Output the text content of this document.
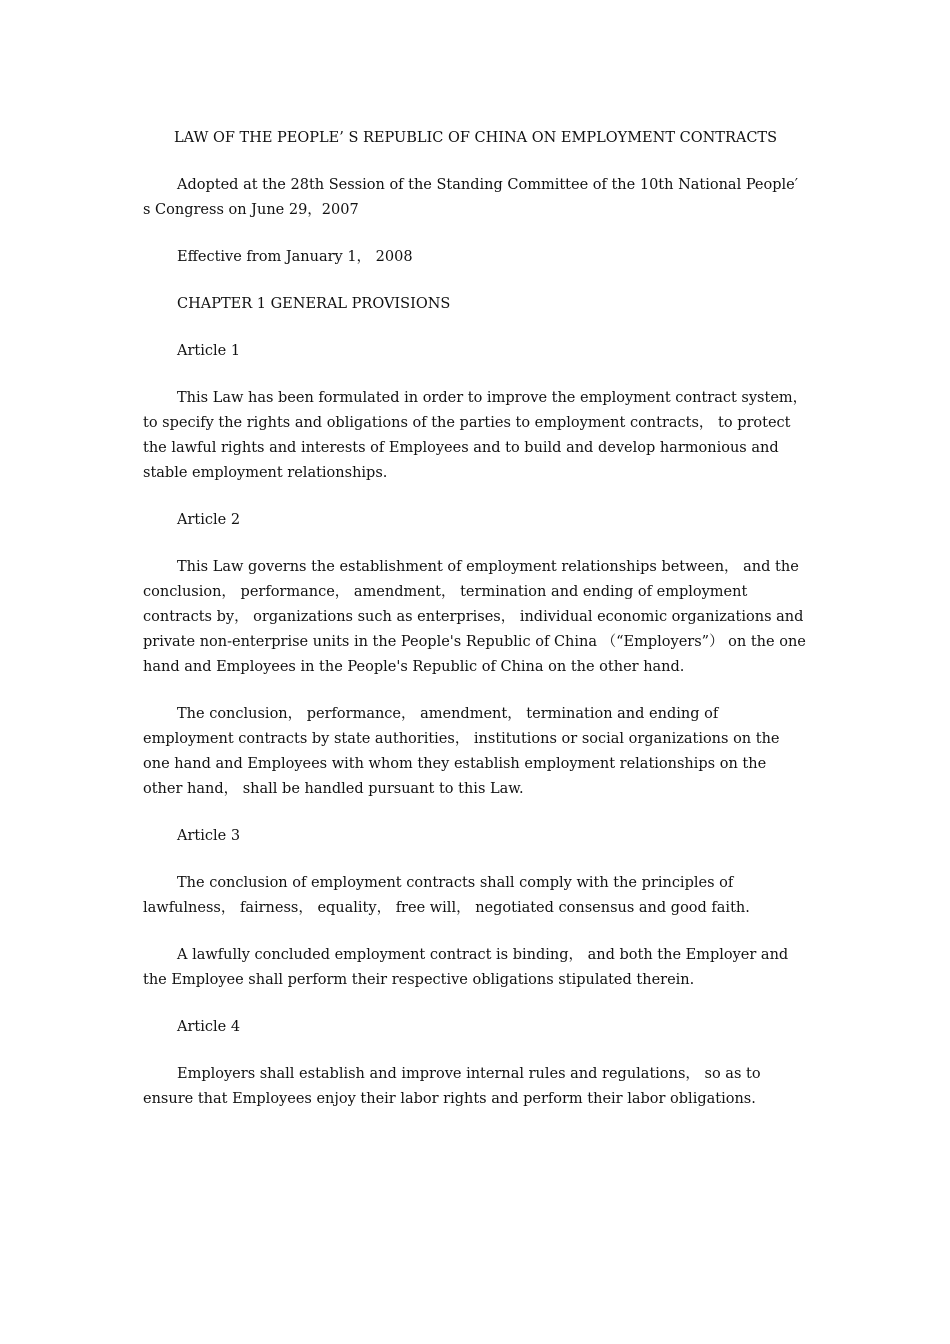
LAW OF THE PEOPLE’ S REPUBLIC OF CHINA ON EMPLOYMENT CONTRACTS

Adopted at the 28th Session of the Standing Committee of the 10th National People′ s Congress on June 29，2007

Effective from January 1， 2008

CHAPTER 1 GENERAL PROVISIONS

Article 1

This Law has been formulated in order to improve the employment contract system， to specify the rights and obligations of the parties to employment contracts， to protect the lawful rights and interests of Employees and to build and develop harmonious and stable employment relationships.

Article 2

This Law governs the establishment of employment relationships between， and the conclusion， performance， amendment， termination and ending of employment contracts by， organizations such as enterprises， individual economic organizations and private non-enterprise units in the People's Republic of China （“Employers”） on the one hand and Employees in the People's Republic of China on the other hand.

The conclusion， performance， amendment， termination and ending of employment contracts by state authorities， institutions or social organizations on the one hand and Employees with whom they establish employment relationships on the other hand， shall be handled pursuant to this Law.

Article 3

The conclusion of employment contracts shall comply with the principles of lawfulness， fairness， equality， free will， negotiated consensus and good faith.

A lawfully concluded employment contract is binding， and both the Employer and the Employee shall perform their respective obligations stipulated therein.

Article 4

Employers shall establish and improve internal rules and regulations， so as to ensure that Employees enjoy their labor rights and perform their labor obligations.
